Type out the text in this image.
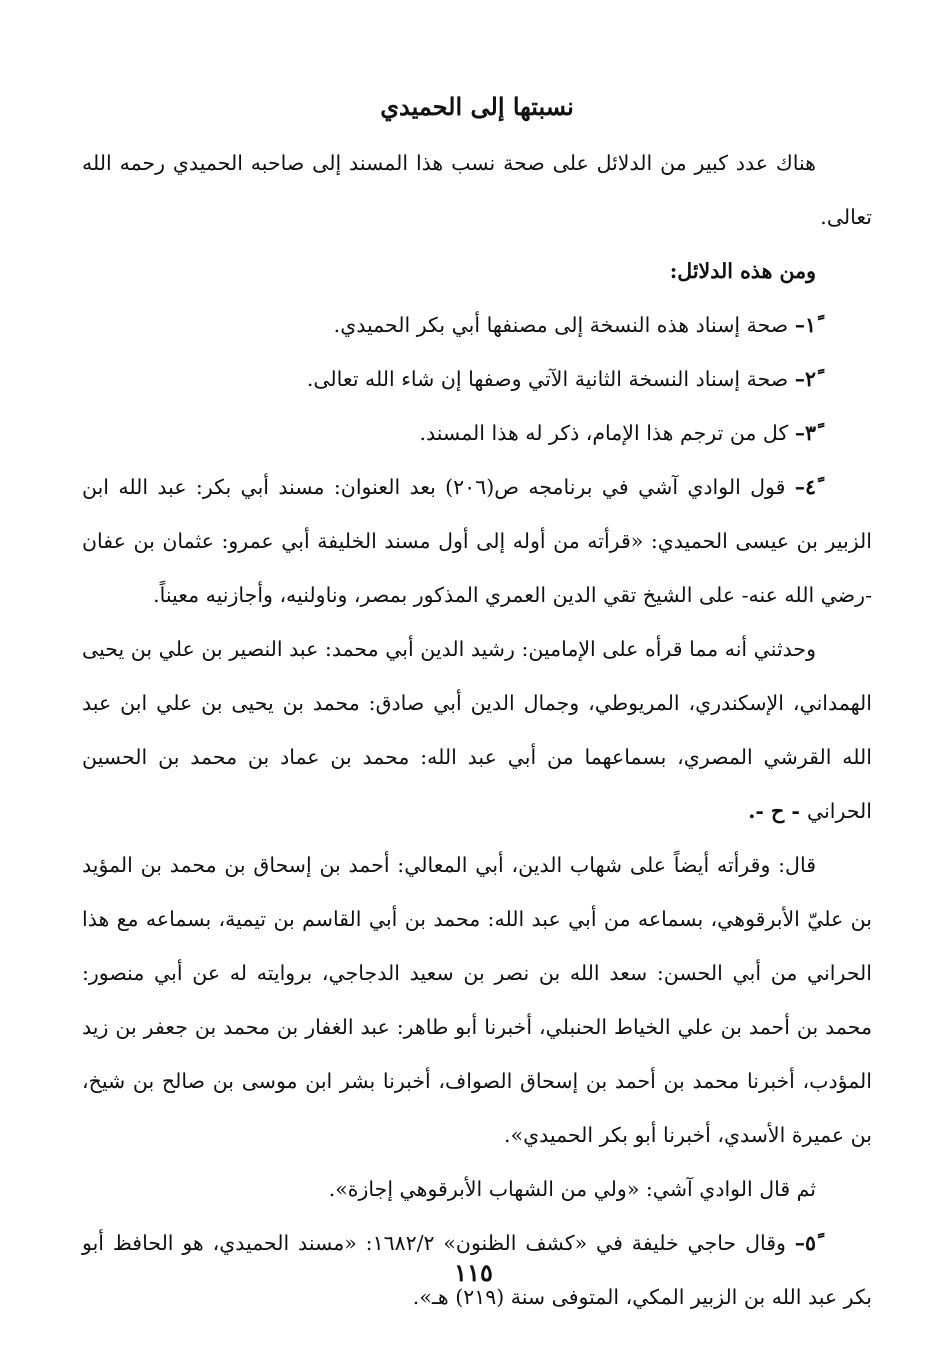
نسبتها إلى الحميدي

هناك عدد كبير من الدلائل على صحة نسب هذا المسند إلى صاحبه الحميدي رحمه الله تعالى.

ومن هذه الدلائل:

١ً– صحة إسناد هذه النسخة إلى مصنفها أبي بكر الحميدي.

٢ً– صحة إسناد النسخة الثانية الآتي وصفها إن شاء الله تعالى.

٣ً– كل من ترجم هذا الإمام، ذكر له هذا المسند.

٤ً– قول الوادي آشي في برنامجه ص(٢٠٦) بعد العنوان: مسند أبي بكر: عبد الله ابن الزبير بن عيسى الحميدي: «قرأته من أوله إلى أول مسند الخليفة أبي عمرو: عثمان بن عفان -رضي الله عنه- على الشيخ تقي الدين العمري المذكور بمصر، وناولنيه، وأجازنيه معيناً.

وحدثني أنه مما قرأه على الإمامين: رشيد الدين أبي محمد: عبد النصير بن علي بن يحيى الهمداني، الإسكندري، المريوطي، وجمال الدين أبي صادق: محمد بن يحيى بن علي ابن عبد الله القرشي المصري، بسماعهما من أبي عبد الله: محمد بن عماد بن محمد بن الحسين الحراني - ح -.

قال: وقرأته أيضاً على شهاب الدين، أبي المعالي: أحمد بن إسحاق بن محمد بن المؤيد بن عليّ الأبرقوهي، بسماعه من أبي عبد الله: محمد بن أبي القاسم بن تيمية، بسماعه مع هذا الحراني من أبي الحسن: سعد الله بن نصر بن سعيد الدجاجي، بروايته له عن أبي منصور: محمد بن أحمد بن علي الخياط الحنبلي، أخبرنا أبو طاهر: عبد الغفار بن محمد بن جعفر بن زيد المؤدب، أخبرنا محمد بن أحمد بن إسحاق الصواف، أخبرنا بشر ابن موسى بن صالح بن شيخ، بن عميرة الأسدي، أخبرنا أبو بكر الحميدي».

ثم قال الوادي آشي: «ولي من الشهاب الأبرقوهي إجازة».

٥ً– وقال حاجي خليفة في «كشف الظنون» ١٦٨٢/٢: «مسند الحميدي، هو الحافظ أبو بكر عبد الله بن الزبير المكي، المتوفى سنة (٢١٩) هـ».

١١٥
